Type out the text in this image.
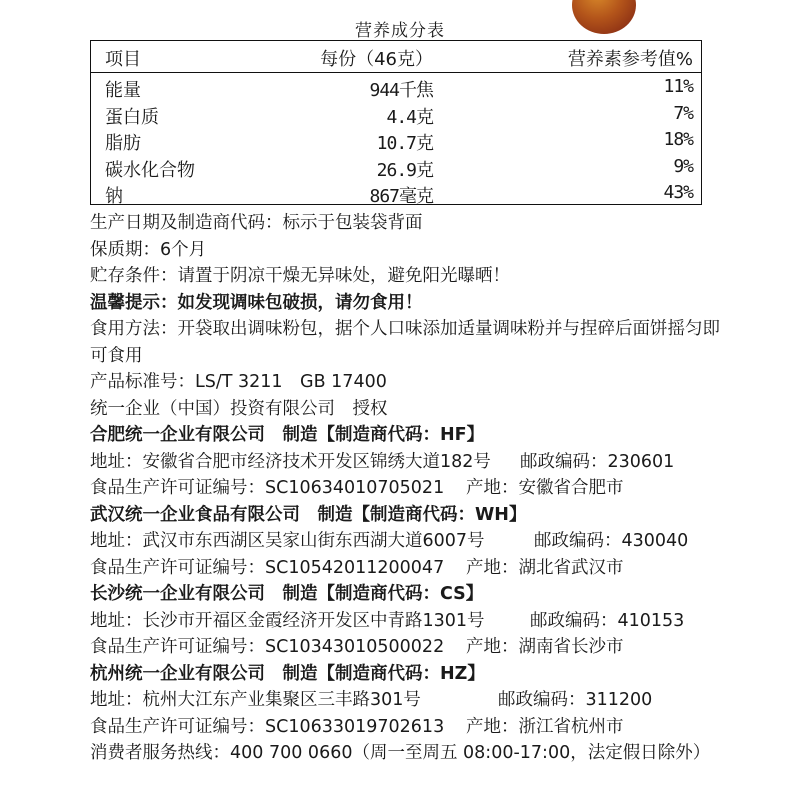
营养成分表
项目	每份（46克）	营养素参考值%
能量	944千焦	11%
蛋白质	4.4克	7%
脂肪	10.7克	18%
碳水化合物	26.9克	9%
钠	867毫克	43%
生产日期及制造商代码：标示于包装袋背面
保质期：6个月
贮存条件：请置于阴凉干燥无异味处，避免阳光曝晒！
温馨提示：如发现调味包破损，请勿食用！
食用方法：开袋取出调味粉包，据个人口味添加适量调味粉并与捏碎后面饼摇匀即可食用
产品标准号：LS/T 3211　GB 17400
统一企业（中国）投资有限公司　授权
合肥统一企业有限公司　制造【制造商代码：HF】
地址：安徽省合肥市经济技术开发区锦绣大道182号 邮政编码：230601
食品生产许可证编号：SC10634010705021 产地：安徽省合肥市
武汉统一企业食品有限公司　制造【制造商代码：WH】
地址：武汉市东西湖区吴家山街东西湖大道6007号	邮政编码：430040
食品生产许可证编号：SC10542011200047 产地：湖北省武汉市
长沙统一企业有限公司　制造【制造商代码：CS】
地址：长沙市开福区金霞经济开发区中青路1301号	邮政编码：410153
食品生产许可证编号：SC10343010500022 产地：湖南省长沙市
杭州统一企业有限公司　制造【制造商代码：HZ】
地址：杭州大江东产业集聚区三丰路301号	邮政编码：311200
食品生产许可证编号：SC10633019702613 产地：浙江省杭州市
消费者服务热线：400 700 0660（周一至周五 08:00-17:00，法定假日除外）
